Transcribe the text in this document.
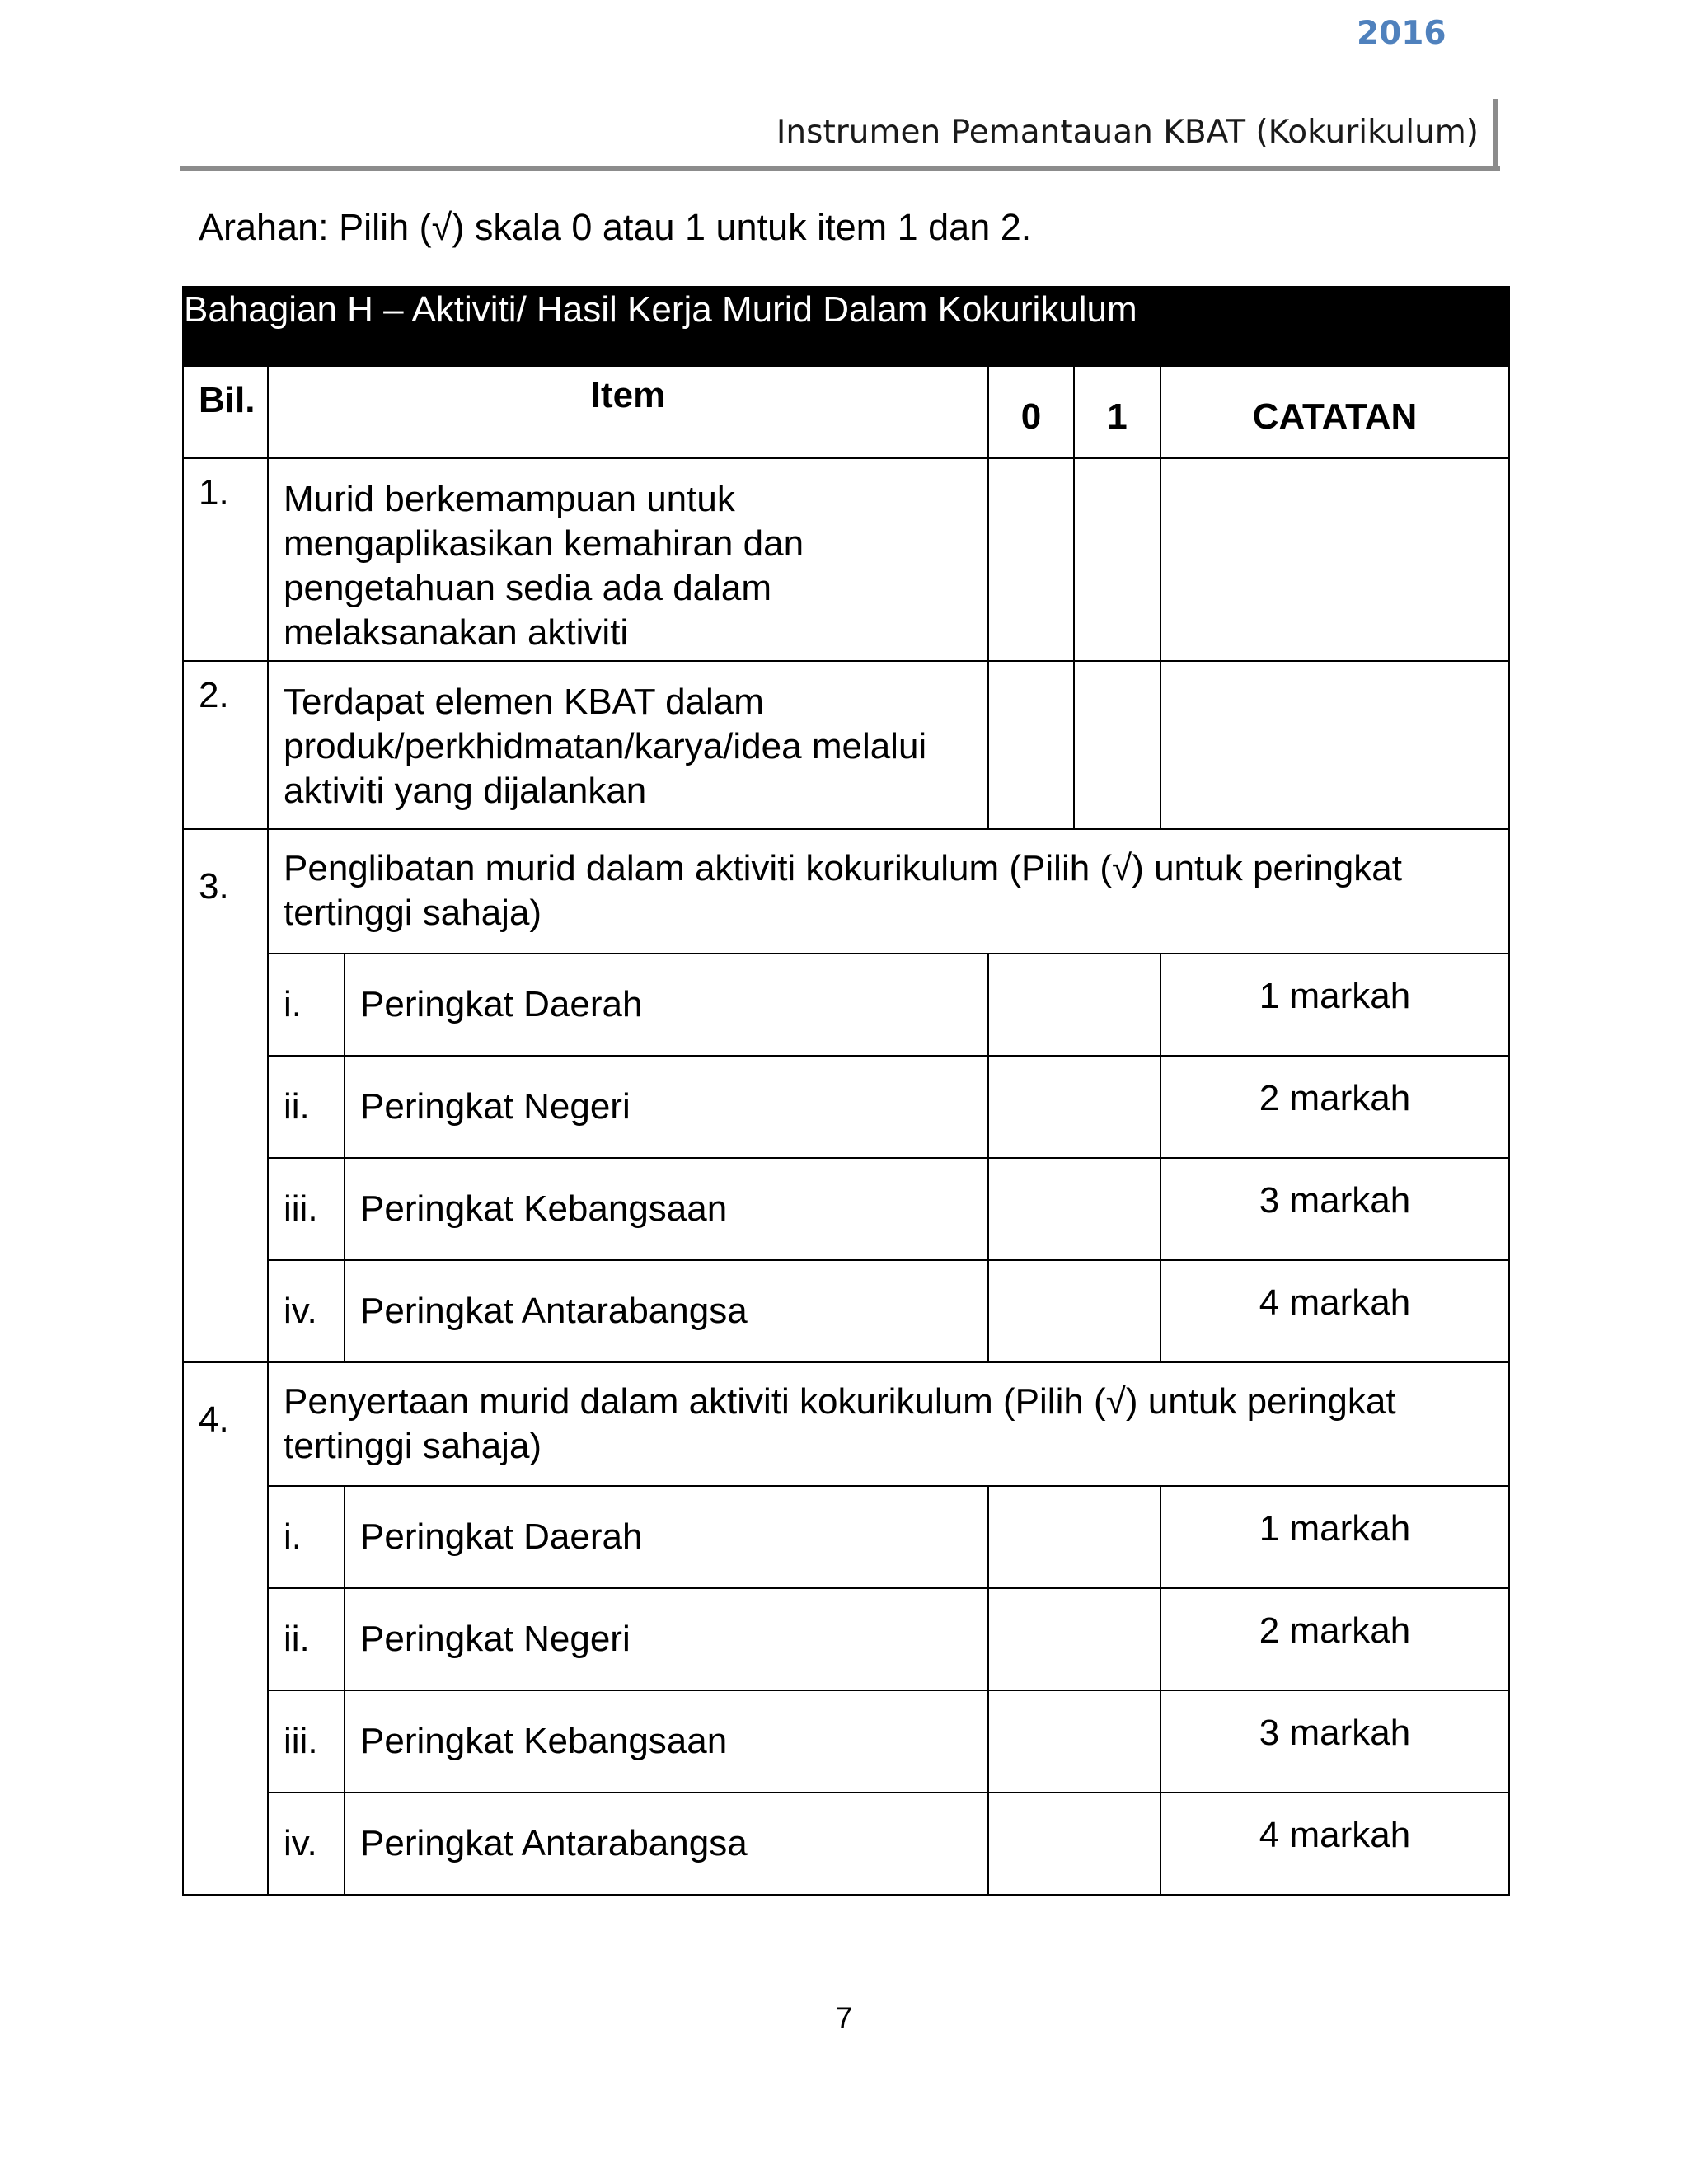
Instrumen Pemantauan KBAT (Kokurikulum)
2016
Arahan: Pilih (√) skala 0 atau 1 untuk item 1 dan 2.
Bahagian H – Aktiviti/ Hasil Kerja Murid Dalam Kokurikulum					
Bil.	Item		0	1	CATATAN
1.	Murid berkemampuan untuk mengaplikasikan kemahiran dan pengetahuan sedia ada dalam melaksanakan aktiviti				
2.	Terdapat elemen KBAT dalam produk/perkhidmatan/karya/idea melalui aktiviti yang dijalankan				
3.	Penglibatan murid dalam aktiviti kokurikulum (Pilih (√) untuk peringkat tertinggi sahaja)				
	i.	Peringkat Daerah			1 markah
	ii.	Peringkat Negeri			2 markah
	iii.	Peringkat Kebangsaan			3 markah
	iv.	Peringkat Antarabangsa			4 markah
4.	Penyertaan murid dalam aktiviti kokurikulum (Pilih (√) untuk peringkat tertinggi sahaja)				
	i.	Peringkat Daerah			1 markah
	ii.	Peringkat Negeri			2 markah
	iii.	Peringkat Kebangsaan			3 markah
	iv.	Peringkat Antarabangsa			4 markah
7
